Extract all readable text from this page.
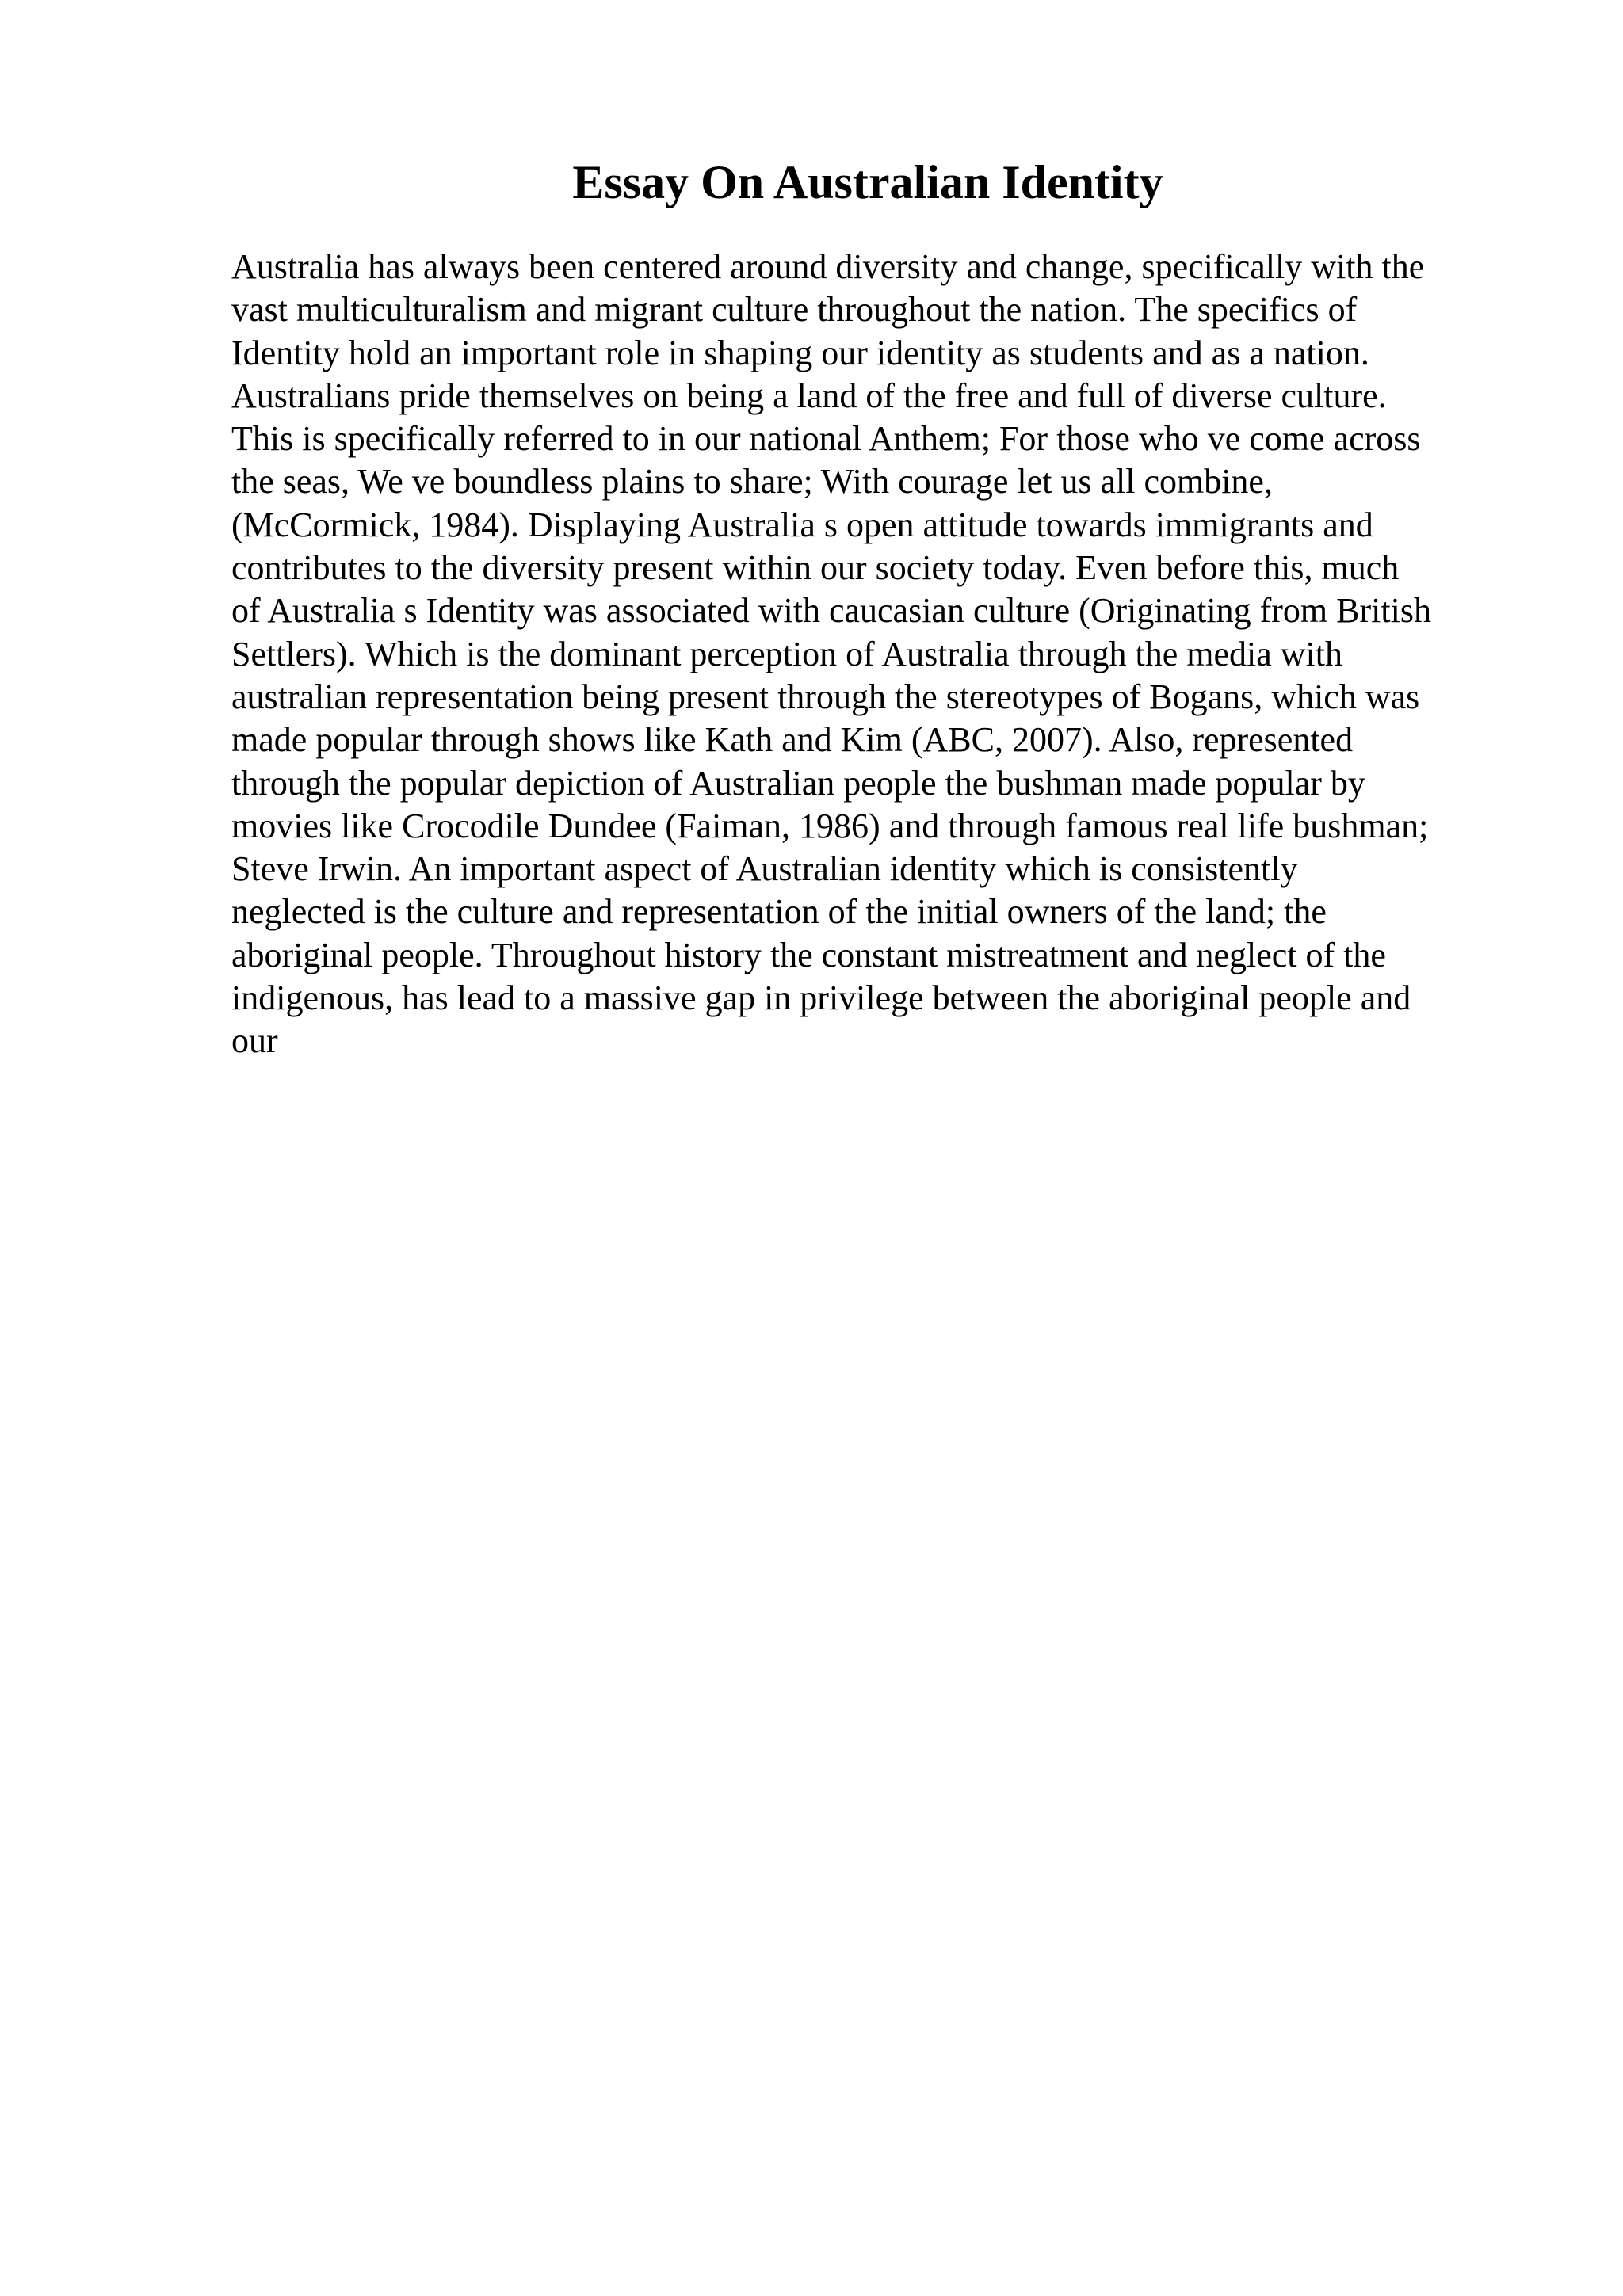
Essay On Australian Identity
Australia has always been centered around diversity and change, specifically with the
vast multiculturalism and migrant culture throughout the nation. The specifics of
Identity hold an important role in shaping our identity as students and as a nation.
Australians pride themselves on being a land of the free and full of diverse culture.
This is specifically referred to in our national Anthem; For those who ve come across
the seas, We ve boundless plains to share; With courage let us all combine,
(McCormick, 1984). Displaying Australia s open attitude towards immigrants and
contributes to the diversity present within our society today. Even before this, much
of Australia s Identity was associated with caucasian culture (Originating from British
Settlers). Which is the dominant perception of Australia through the media with
australian representation being present through the stereotypes of Bogans, which was
made popular through shows like Kath and Kim (ABC, 2007). Also, represented
through the popular depiction of Australian people the bushman made popular by
movies like Crocodile Dundee (Faiman, 1986) and through famous real life bushman;
Steve Irwin. An important aspect of Australian identity which is consistently
neglected is the culture and representation of the initial owners of the land; the
aboriginal people. Throughout history the constant mistreatment and neglect of the
indigenous, has lead to a massive gap in privilege between the aboriginal people and
our
